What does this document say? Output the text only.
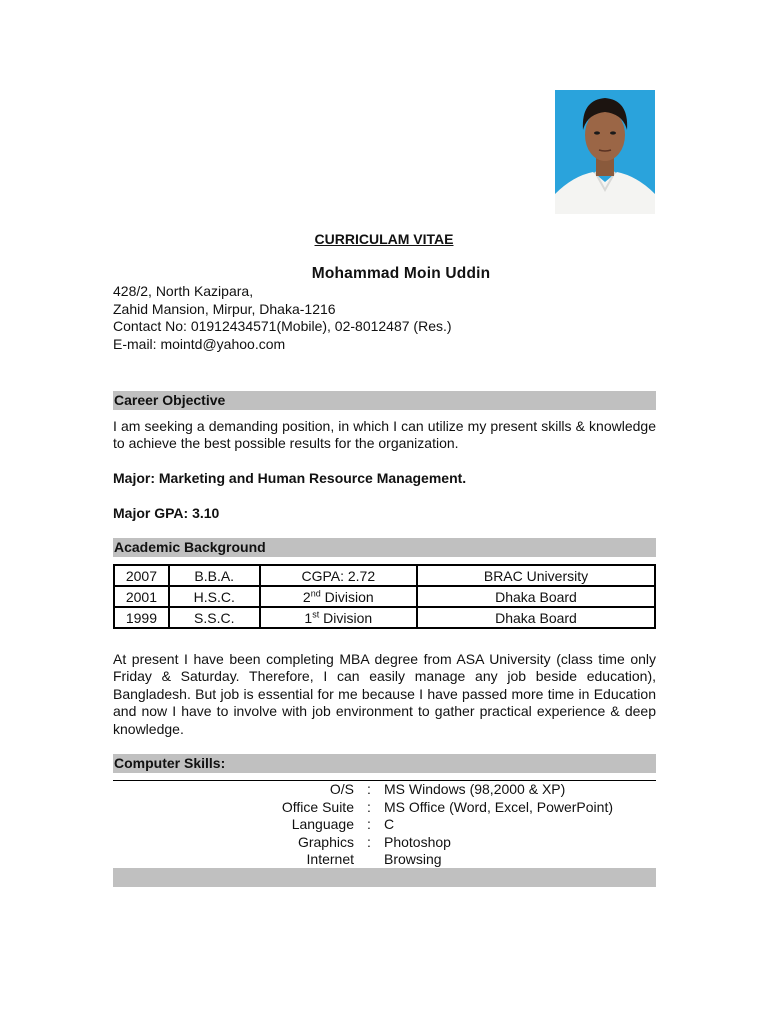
CURRICULAM VITAE
Mohammad Moin Uddin
428/2, North Kazipara,
Zahid Mansion, Mirpur, Dhaka-1216
Contact No: 01912434571(Mobile), 02-8012487 (Res.)
E-mail: mointd@yahoo.com
Career Objective
I am seeking a demanding position, in which I can utilize my present skills & knowledge to achieve the best possible results for the organization.
Major: Marketing and Human Resource Management.
Major GPA: 3.10
Academic Background
2007	B.B.A.	CGPA: 2.72	BRAC University
2001	H.S.C.	2nd Division	Dhaka Board
1999	S.S.C.	1st Division	Dhaka Board
At present I have been completing MBA degree from ASA University (class time only Friday & Saturday. Therefore, I can easily manage any job beside education), Bangladesh. But job is essential for me because I have passed more time in Education and now I have to involve with job environment to gather practical experience & deep knowledge.
Computer Skills:
O/S : MS Windows (98,2000 & XP)
Office Suite : MS Office (Word, Excel, PowerPoint)
Language : C
Graphics : Photoshop
Internet Browsing
